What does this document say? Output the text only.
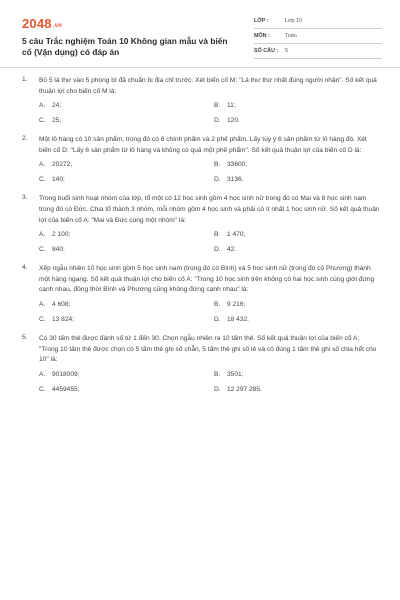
2048.vn
5 câu Trắc nghiệm Toán 10 Không gian mẫu và biến cố (Vận dụng) có đáp án
LỚP :	Lớp 10
MÔN :	Toán
SỐ CÂU :	5
1. Bỏ 5 lá thư vào 5 phong bì đã chuẩn bị địa chỉ trước. Xét biến cố M: "Lá thư thứ nhất đúng người nhận". Số kết quả thuận lợi cho biến cố M là:
A.	24;	B.	11;
C. 25;	D. 120.
2. Một lô hàng có 10 sản phẩm, trong đó có 8 chính phẩm và 2 phế phẩm. Lấy tùy ý 6 sản phẩm từ lô hàng đó. Xét biến cố D: "Lấy 6 sản phẩm từ lô hàng và không có quá một phế phẩm". Số kết quả thuận lợi của biến cố D là:
A.	20272;	B.	33600;
C. 140;	D. 3136.
3. Trong buổi sinh hoạt nhóm của lớp, tổ một có 12 học sinh gồm 4 học sinh nữ trong đó có Mai và 8 học sinh nam trong đó có Đức. Chia tổ thành 3 nhóm, mỗi nhóm gồm 4 học sinh và phải có ít nhất 1 học sinh nữ. Số kết quả thuận lợi của biến cố A: "Mai và Đức cùng một nhóm" là:
A.	2 100;	B.	1 470;
C. 840;	D. 42.
4. Xếp ngẫu nhiên 10 học sinh gồm 5 học sinh nam (trong đó có Bình) và 5 học sinh nữ (trong đó có Phương) thành một hàng ngang. Số kết quả thuận lợi cho biến cố A: "Trong 10 học sinh trên không có hai học sinh cùng giới đứng cạnh nhau, đồng thời Bình và Phương cũng không đứng cạnh nhau" là:
A.	4 608;	B.	9 216;
C. 13 824;	D. 18 432.
5. Có 30 tấm thẻ được đánh số từ 1 đến 30. Chọn ngẫu nhiên ra 10 tấm thẻ. Số kết quả thuận lợi của biến cố A: "Trong 10 tấm thẻ được chọn có 5 tấm thẻ ghi số chẵn, 5 tấm thẻ ghi số lẻ và có đúng 1 tấm thẻ ghi số chia hết cho 10" là:
A.	9018009;	B.	3501;
C. 4459455;	D. 12 297 285.
